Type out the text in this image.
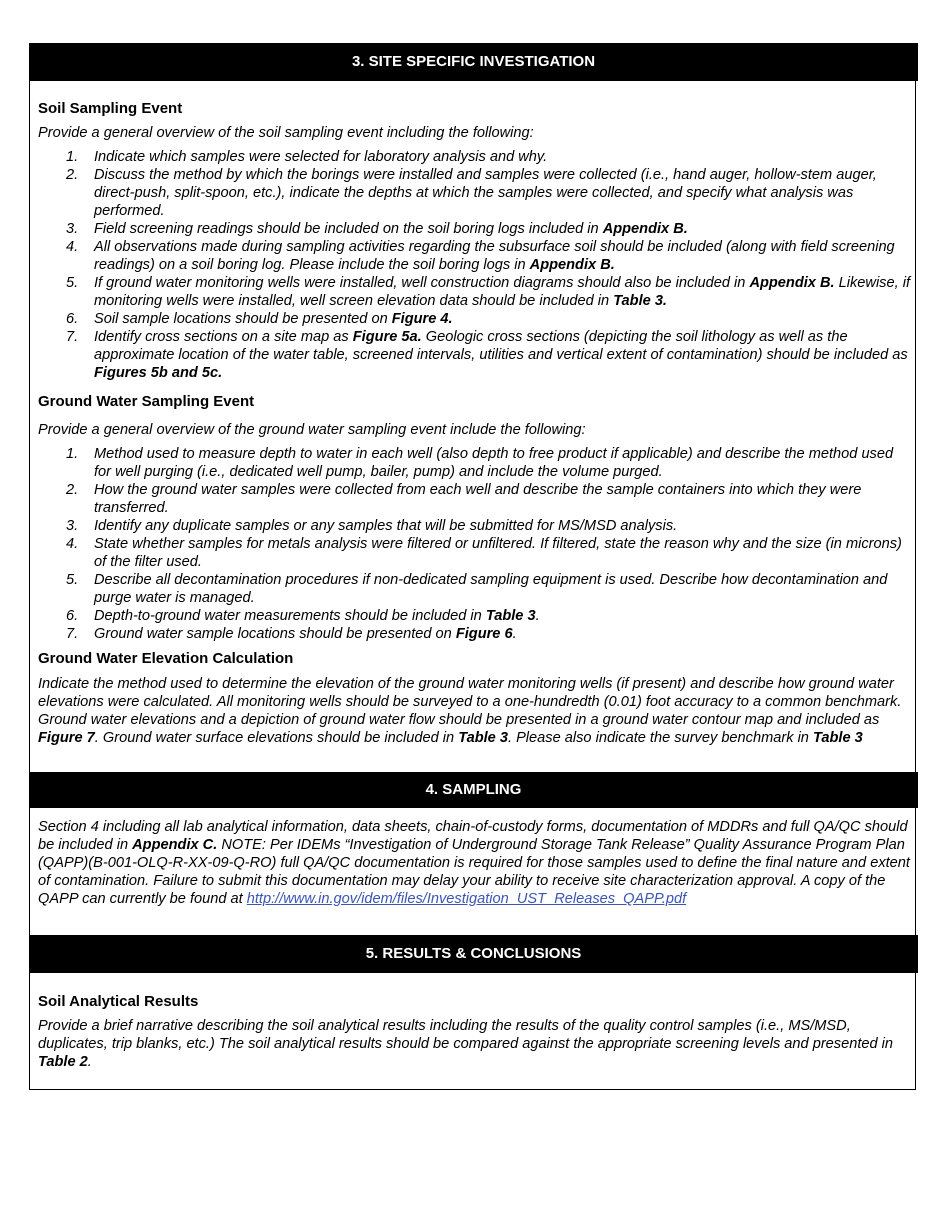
3. SITE SPECIFIC INVESTIGATION
Soil Sampling Event

Provide a general overview of the soil sampling event including the following:

1. Indicate which samples were selected for laboratory analysis and why.
2. Discuss the method by which the borings were installed and samples were collected (i.e., hand auger, hollow-stem auger, direct-push, split-spoon, etc.), indicate the depths at which the samples were collected, and specify what analysis was performed.
3. Field screening readings should be included on the soil boring logs included in Appendix B.
4. All observations made during sampling activities regarding the subsurface soil should be included (along with field screening readings) on a soil boring log. Please include the soil boring logs in Appendix B.
5. If ground water monitoring wells were installed, well construction diagrams should also be included in Appendix B. Likewise, if monitoring wells were installed, well screen elevation data should be included in Table 3.
6. Soil sample locations should be presented on Figure 4.
7. Identify cross sections on a site map as Figure 5a. Geologic cross sections (depicting the soil lithology as well as the approximate location of the water table, screened intervals, utilities and vertical extent of contamination) should be included as Figures 5b and 5c.
Ground Water Sampling Event

Provide a general overview of the ground water sampling event include the following:

1. Method used to measure depth to water in each well (also depth to free product if applicable) and describe the method used for well purging (i.e., dedicated well pump, bailer, pump) and include the volume purged.
2. How the ground water samples were collected from each well and describe the sample containers into which they were transferred.
3. Identify any duplicate samples or any samples that will be submitted for MS/MSD analysis.
4. State whether samples for metals analysis were filtered or unfiltered. If filtered, state the reason why and the size (in microns) of the filter used.
5. Describe all decontamination procedures if non-dedicated sampling equipment is used. Describe how decontamination and purge water is managed.
6. Depth-to-ground water measurements should be included in Table 3.
7. Ground water sample locations should be presented on Figure 6.
Ground Water Elevation Calculation

Indicate the method used to determine the elevation of the ground water monitoring wells (if present) and describe how ground water elevations were calculated. All monitoring wells should be surveyed to a one-hundredth (0.01) foot accuracy to a common benchmark. Ground water elevations and a depiction of ground water flow should be presented in a ground water contour map and included as Figure 7. Ground water surface elevations should be included in Table 3. Please also indicate the survey benchmark in Table 3

4. SAMPLING

Section 4 including all lab analytical information, data sheets, chain-of-custody forms, documentation of MDDRs and full QA/QC should be included in Appendix C. NOTE: Per IDEMs “Investigation of Underground Storage Tank Release” Quality Assurance Program Plan (QAPP)(B-001-OLQ-R-XX-09-Q-RO) full QA/QC documentation is required for those samples used to define the final nature and extent of contamination. Failure to submit this documentation may delay your ability to receive site characterization approval. A copy of the QAPP can currently be found at http://www.in.gov/idem/files/Investigation_UST_Releases_QAPP.pdf

5. RESULTS & CONCLUSIONS
Soil Analytical Results

Provide a brief narrative describing the soil analytical results including the results of the quality control samples (i.e., MS/MSD, duplicates, trip blanks, etc.) The soil analytical results should be compared against the appropriate screening levels and presented in Table 2.
